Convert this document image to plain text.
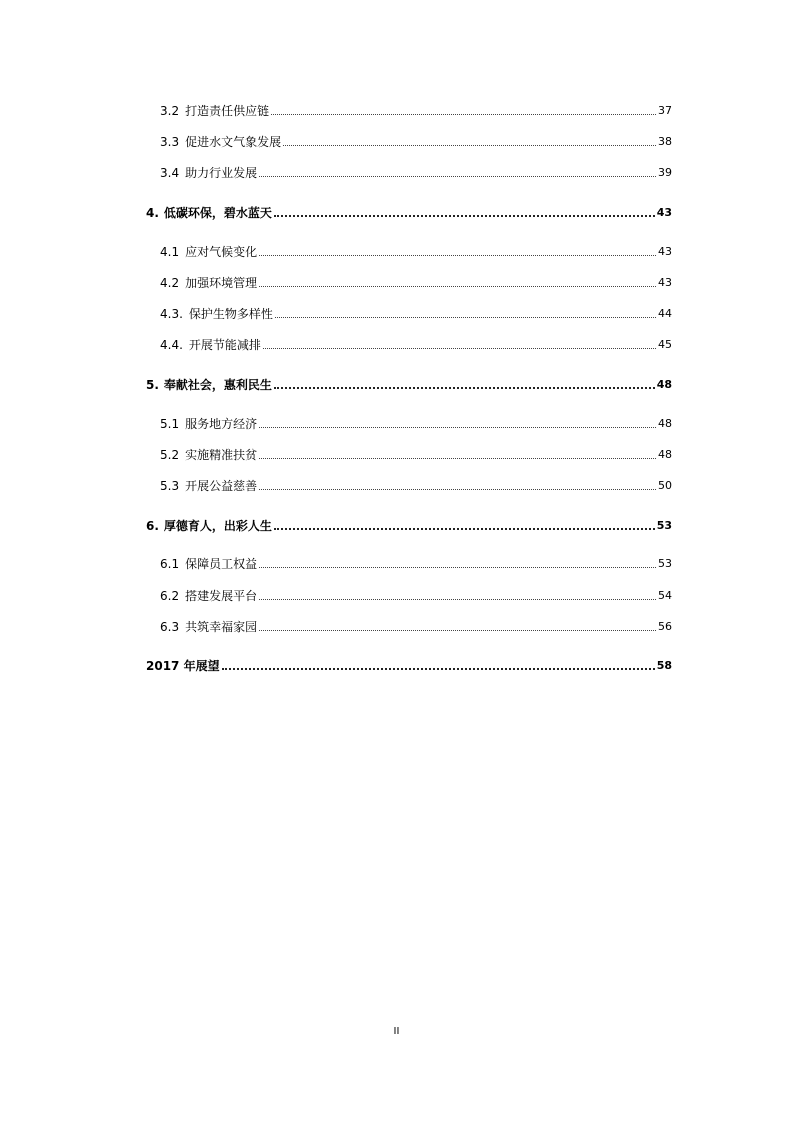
3.2 打造责任供应链	37
3.3 促进水文气象发展	38
3.4 助力行业发展	39
4. 低碳环保，碧水蓝天	43
4.1 应对气候变化	43
4.2 加强环境管理	43
4.3. 保护生物多样性	44
4.4. 开展节能减排	45
5. 奉献社会，惠利民生	48
5.1 服务地方经济	48
5.2 实施精准扶贫	48
5.3 开展公益慈善	50
6. 厚德育人，出彩人生	53
6.1 保障员工权益	53
6.2 搭建发展平台	54
6.3 共筑幸福家园	56
2017 年展望	58
II
